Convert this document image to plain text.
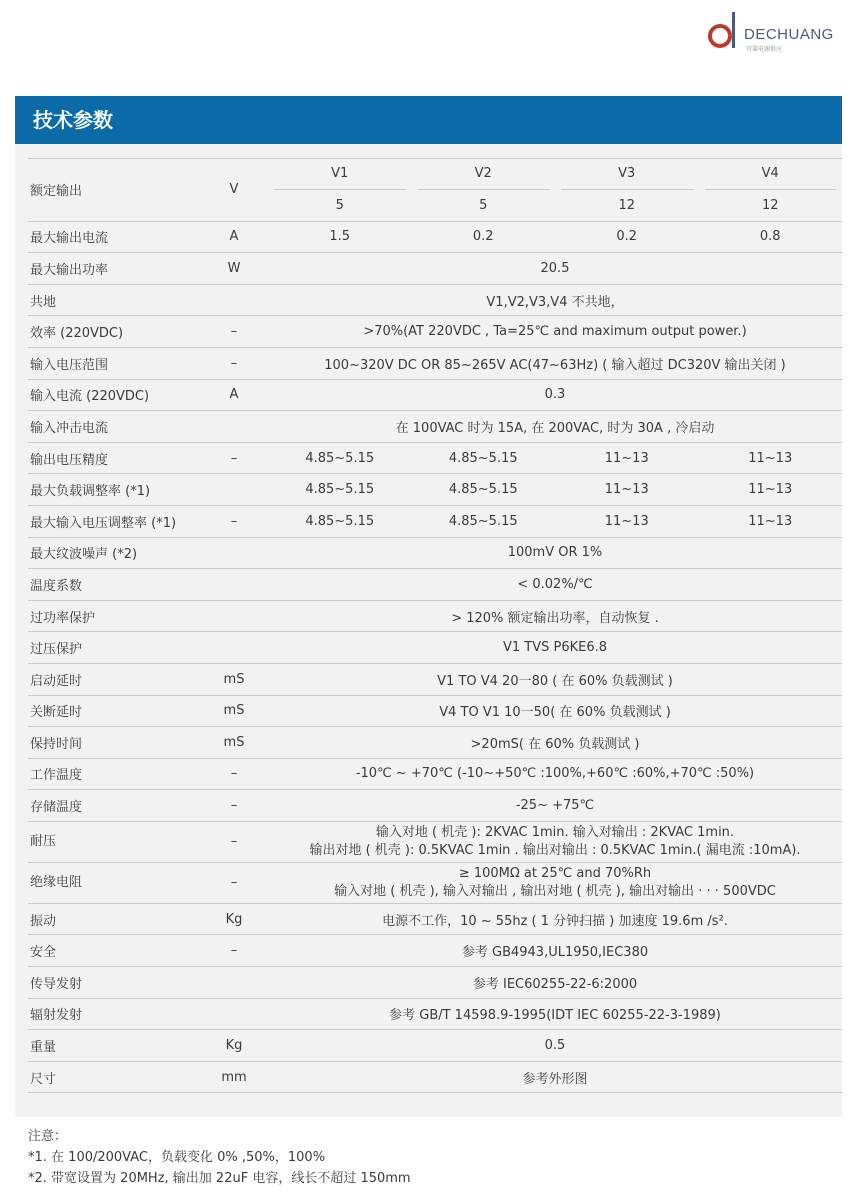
DECHUANG
可靠电源供应
技术参数
额定输出	V	V1	V2	V3	V4

		5	5	12	12
最大输出电流	A	1.5	0.2	0.2	0.8
最大输出功率	W	20.5			
共地		V1,V2,V3,V4 不共地，			
效率 (220VDC)	–	>70%(AT 220VDC , Ta=25℃ and maximum output power.)			
输入电压范围	–	100~320V DC OR 85~265V AC(47~63Hz) ( 输入超过 DC320V 输出关闭 )			
输入电流 (220VDC)	A	0.3			
输入冲击电流		在 100VAC 时为 15A, 在 200VAC, 时为 30A , 冷启动			
输出电压精度	–	4.85~5.15	4.85~5.15	11~13	11~13
最大负载调整率 (*1)		4.85~5.15	4.85~5.15	11~13	11~13
最大输入电压调整率 (*1)	–	4.85~5.15	4.85~5.15	11~13	11~13
最大纹波噪声 (*2)		100mV OR 1%			
温度系数		< 0.02%/℃			
过功率保护		> 120% 额定输出功率，自动恢复 .			
过压保护		V1 TVS P6KE6.8			
启动延时	mS	V1 TO V4 20一80 ( 在 60% 负载测试 )			
关断延时	mS	V4 TO V1 10一50( 在 60% 负载测试 )			
保持时间	mS	>20mS( 在 60% 负载测试 )			
工作温度	–	-10℃ ~ +70℃ (-10~+50℃ :100%,+60℃ :60%,+70℃ :50%)			
存储温度	–	-25~ +75℃			
耐压	–	输入对地 ( 机壳 ): 2KVAC 1min. 输入对输出 : 2KVAC 1min.
输出对地 ( 机壳 ): 0.5KVAC 1min . 输出对输出 : 0.5KVAC 1min.( 漏电流 :10mA).			

绝缘电阻	–	≥ 100MΩ at 25℃ and 70%Rh
输入对地 ( 机壳 ), 输入对输出 , 输出对地 ( 机壳 ), 输出对输出 · · · 500VDC			

振动	Kg	电源不工作，10 ~ 55hz ( 1 分钟扫描 ) 加速度 19.6m /s².			
安全	–	参考 GB4943,UL1950,IEC380			
传导发射		参考 IEC60255-22-6:2000			
辐射发射		参考 GB/T 14598.9-1995(IDT IEC 60255-22-3-1989)			
重量	Kg	0.5			
尺寸	mm	参考外形图			
注意：
*1. 在 100/200VAC，负载变化 0% ,50%，100%
*2. 带宽设置为 20MHz, 输出加 22uF 电容，线长不超过 150mm
